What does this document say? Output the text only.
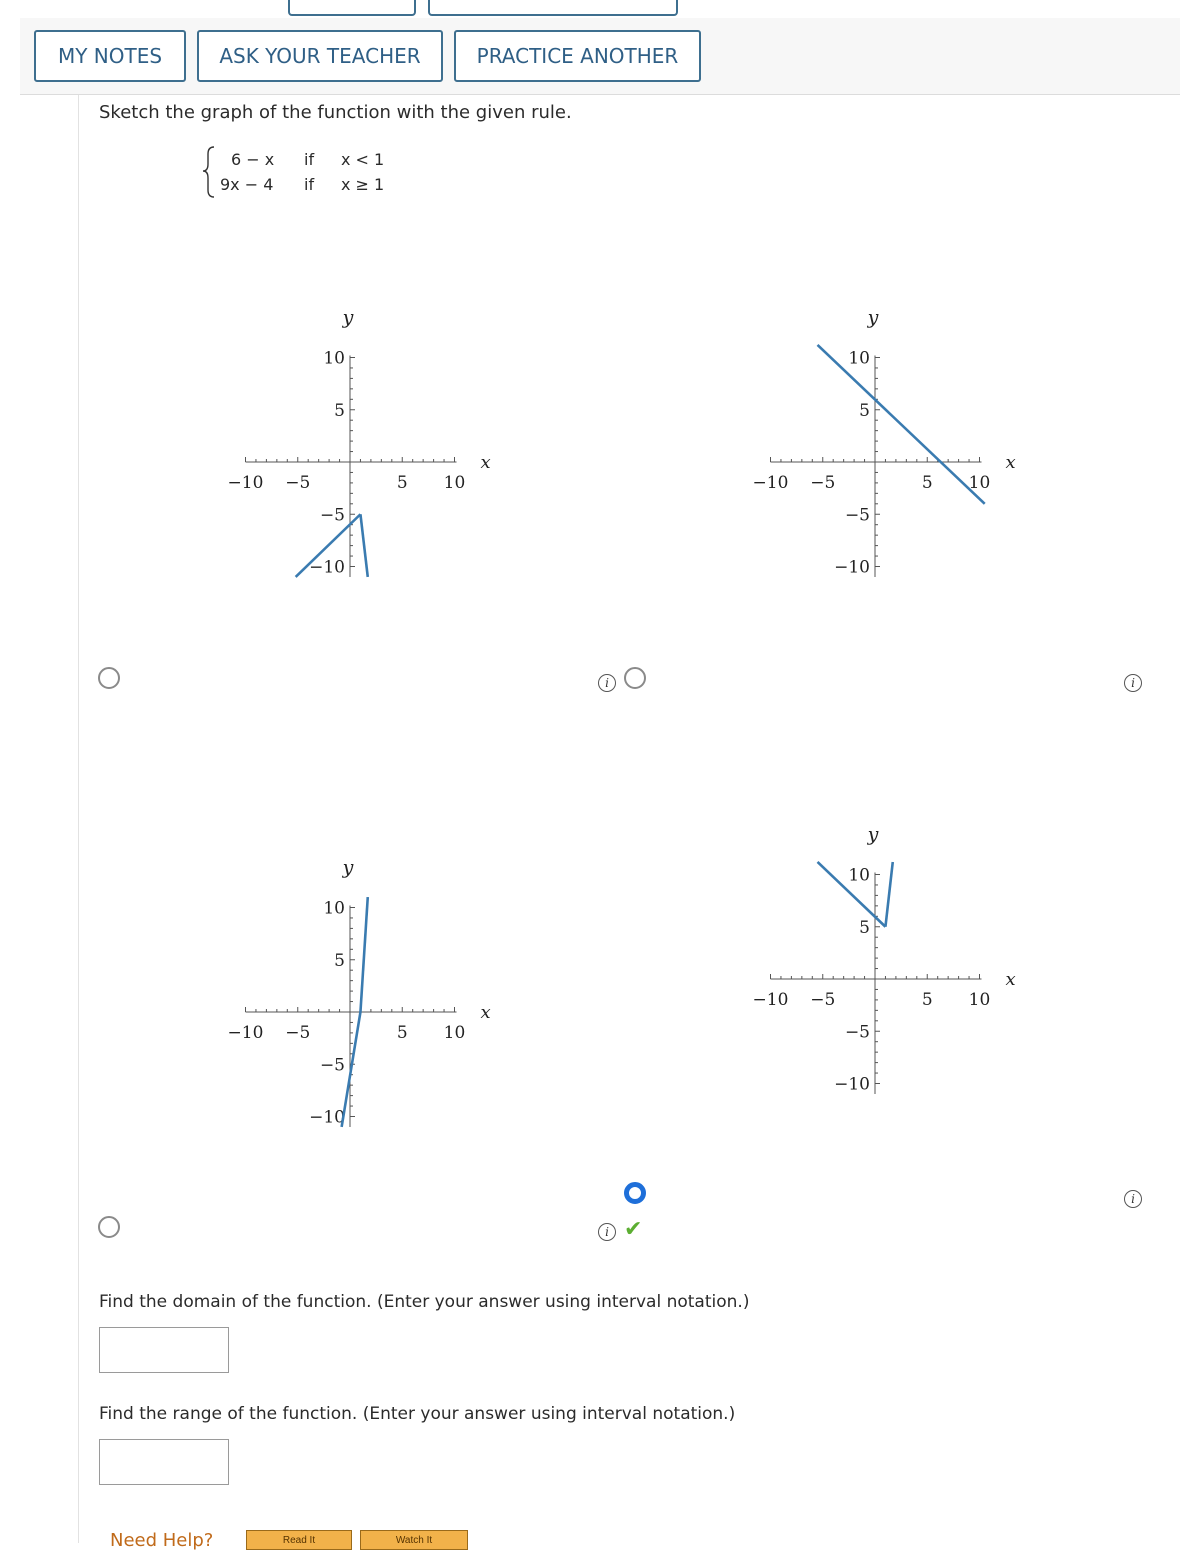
MY NOTES	ASK YOUR TEACHER	PRACTICE ANOTHER
Sketch the graph of the function with the given rule.
6 − x if x < 1
9x − 4 if x ≥ 1
−10 −5	5 10
10
5
−5
−10
x
y
i
−10 −5	5 10
10
5
−5
−10
x
y
i
−10 −5	5 10
10
5
−5
−10
x
y
−10 −5	5 10
10
5
−5
−10
x
y
i
i ✔
Find the domain of the function. (Enter your answer using interval notation.)
Find the range of the function. (Enter your answer using interval notation.)
Need Help?	Read It	Watch It
